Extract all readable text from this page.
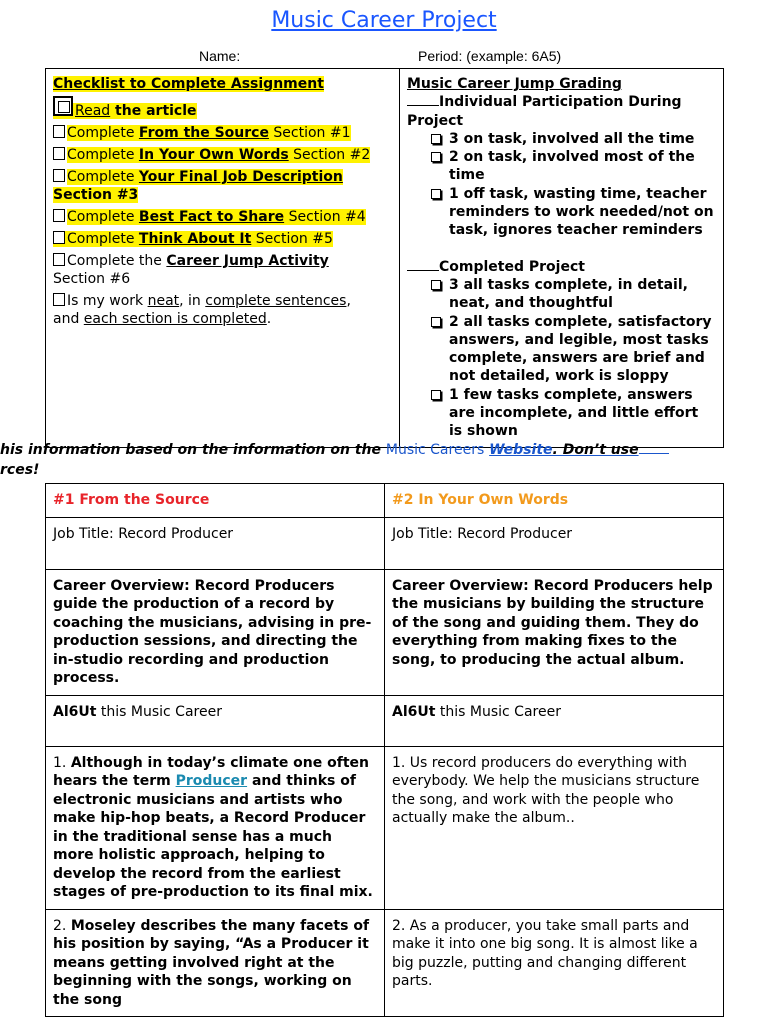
Music Career Project
Name:	Period: (example: 6A5)
Checklist to Complete Assignment
Read the article
Complete From the Source Section #1
Complete In Your Own Words Section #2
Complete Your Final Job Description
Section #3
Complete Best Fact to Share Section #4
Complete Think About It Section #5
Complete the Career Jump Activity
Section #6
Is my work neat, in complete sentences,
and each section is completed.

Music Career Jump Grading
Individual Participation During Project
3 on task, involved all the time
2 on task, involved most of the time
1 off task, wasting time, teacher reminders to work needed/not on task, ignores teacher reminders
Completed Project
3 all tasks complete, in detail, neat, and thoughtful
2 all tasks complete, satisfactory answers, and legible, most tasks complete, answers are brief and not detailed, work is sloppy
1 few tasks complete, answers are incomplete, and little effort is shown
his information based on the information on the Music Careers Website. Don’t use
rces!
#1 From the Source	#2 In Your Own Words
Job Title: Record Producer	Job Title: Record Producer
Career Overview: Record Producers guide the production of a record by coaching the musicians, advising in pre-production sessions, and directing the in-studio recording and production process.	Career Overview: Record Producers help the musicians by building the structure of the song and guiding them. They do everything from making fixes to the song, to producing the actual album.
Al6Ut this Music Career	Al6Ut this Music Career
1. Although in today’s climate one often hears the term Producer and thinks of electronic musicians and artists who make hip-hop beats, a Record Producer in the traditional sense has a much more holistic approach, helping to develop the record from the earliest stages of pre-production to its final mix.	1. Us record producers do everything with everybody. We help the musicians structure the song, and work with the people who actually make the album..
2. Moseley describes the many facets of his position by saying, “As a Producer it means getting involved right at the beginning with the songs, working on the song	2. As a producer, you take small parts and make it into one big song. It is almost like a big puzzle, putting and changing different parts.
